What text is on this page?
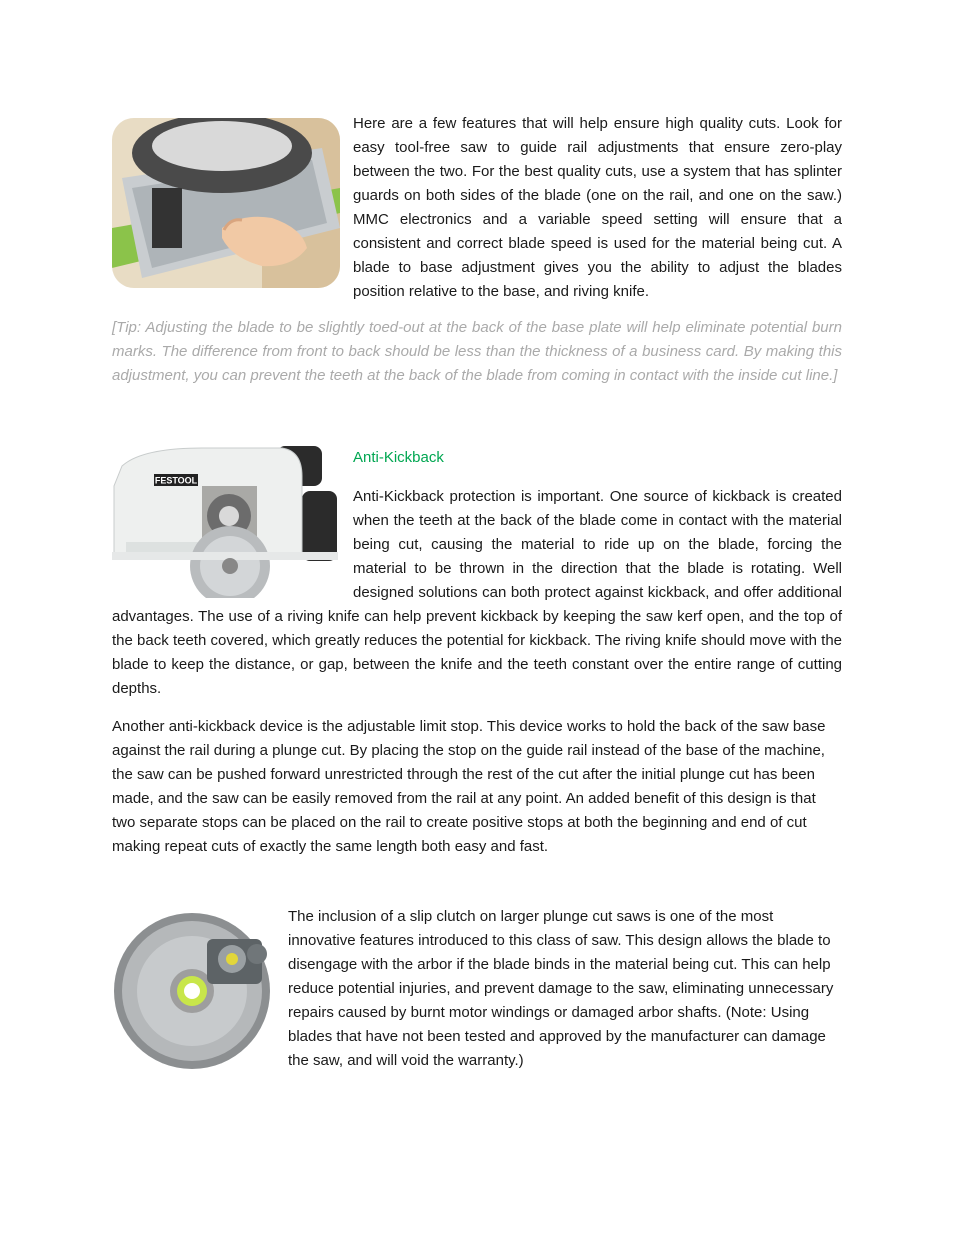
Here are a few features that will help ensure high quality cuts. Look for easy tool-free saw to guide rail adjustments that ensure zero-play between the two. For the best quality cuts, use a system that has splinter guards on both sides of the blade (one on the rail, and one on the saw.) MMC electronics and a variable speed setting will ensure that a consistent and correct blade speed is used for the material being cut. A blade to base adjustment gives you the ability to adjust the blades position relative to the base, and riving knife.

[Tip: Adjusting the blade to be slightly toed-out at the back of the base plate will help eliminate potential burn marks. The difference from front to back should be less than the thickness of a business card. By making this adjustment, you can prevent the teeth at the back of the blade from coming in contact with the inside cut line.]

FESTOOL

Anti-Kickback

Anti-Kickback protection is important. One source of kickback is created when the teeth at the back of the blade come in contact with the material being cut, causing the material to ride up on the blade, forcing the material to be thrown in the direction that the blade is rotating. Well designed solutions can both protect against kickback, and offer additional advantages. The use of a riving knife can help prevent kickback by keeping the saw kerf open, and the top of the back teeth covered, which greatly reduces the potential for kickback. The riving knife should move with the blade to keep the distance, or gap, between the knife and the teeth constant over the entire range of cutting depths.

Another anti-kickback device is the adjustable limit stop. This device works to hold the back of the saw base against the rail during a plunge cut. By placing the stop on the guide rail instead of the base of the machine, the saw can be pushed forward unrestricted through the rest of the cut after the initial plunge cut has been made, and the saw can be easily removed from the rail at any point. An added benefit of this design is that two separate stops can be placed on the rail to create positive stops at both the beginning and end of cut making repeat cuts of exactly the same length both easy and fast.

The inclusion of a slip clutch on larger plunge cut saws is one of the most innovative features introduced to this class of saw. This design allows the blade to disengage with the arbor if the blade binds in the material being cut. This can help reduce potential injuries, and prevent damage to the saw, eliminating unnecessary repairs caused by burnt motor windings or damaged arbor shafts. (Note: Using blades that have not been tested and approved by the manufacturer can damage the saw, and will void the warranty.)
